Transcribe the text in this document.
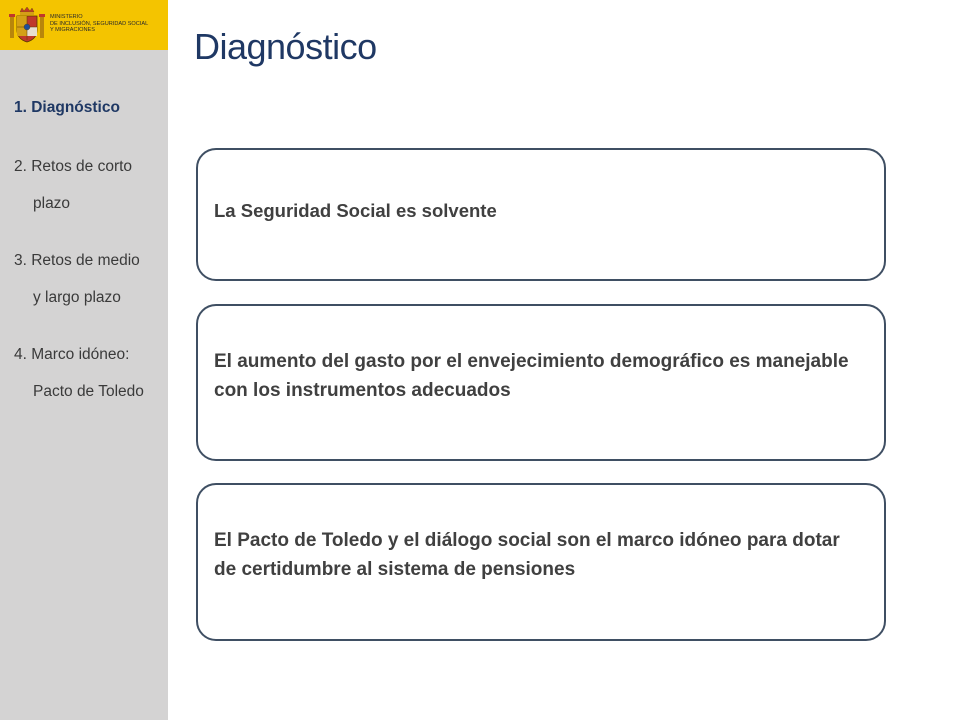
MINISTERIO
DE INCLUSIÓN, SEGURIDAD SOCIAL
Y MIGRACIONES
1. Diagnóstico
2. Retos de corto
plazo
3. Retos de medio
y largo plazo
4. Marco idóneo:
Pacto de Toledo
Diagnóstico
La Seguridad Social es solvente
El aumento del gasto por el envejecimiento demográfico es manejable con los instrumentos adecuados
El Pacto de Toledo y el diálogo social son el marco idóneo para dotar de certidumbre al sistema de pensiones
